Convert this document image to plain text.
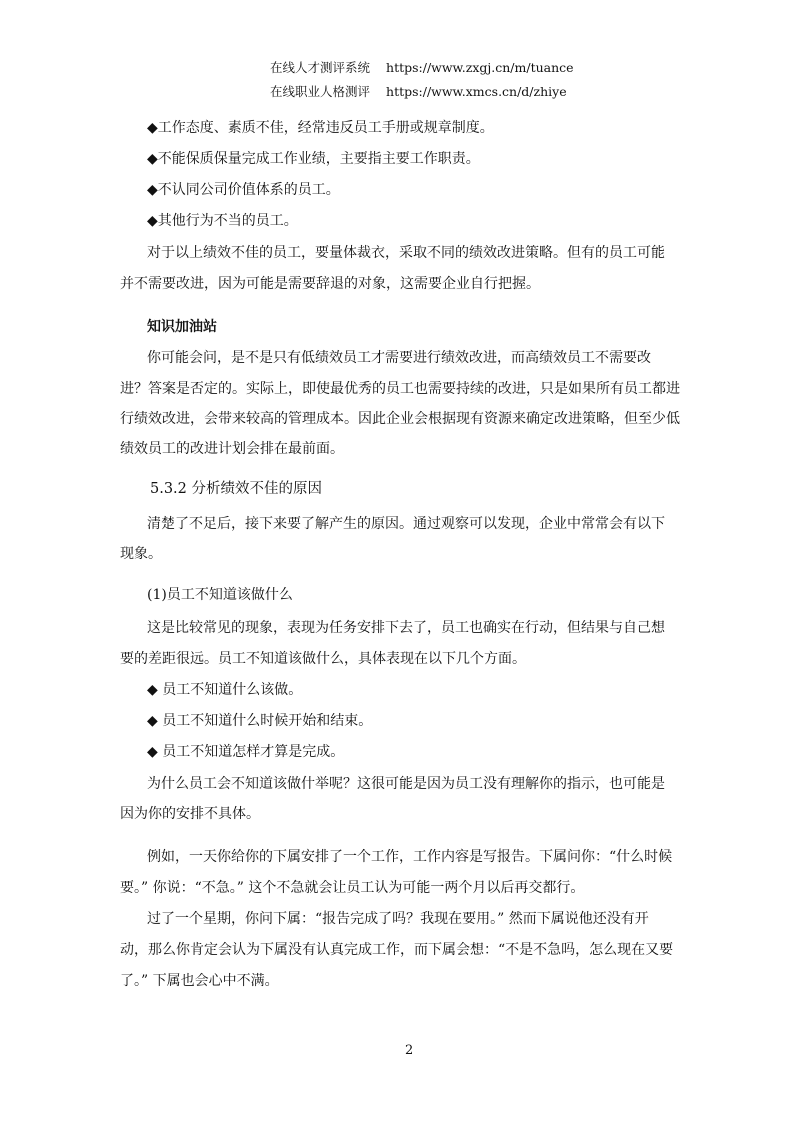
在线人才测评系统 https://www.zxgj.cn/m/tuance
在线职业人格测评 https://www.xmcs.cn/d/zhiye
◆工作态度、素质不佳，经常违反员工手册或规章制度。
◆不能保质保量完成工作业绩，主要指主要工作职责。
◆不认同公司价值体系的员工。
◆其他行为不当的员工。
对于以上绩效不佳的员工，要量体裁衣，采取不同的绩效改进策略。但有的员工可能
并不需要改进，因为可能是需要辞退的对象，这需要企业自行把握。
知识加油站
你可能会问，是不是只有低绩效员工才需要进行绩效改进，而高绩效员工不需要改
进？答案是否定的。实际上，即使最优秀的员工也需要持续的改进，只是如果所有员工都进
行绩效改进，会带来较高的管理成本。因此企业会根据现有资源来确定改进策略，但至少低
绩效员工的改进计划会排在最前面。
5.3.2 分析绩效不佳的原因
清楚了不足后，接下来要了解产生的原因。通过观察可以发现，企业中常常会有以下
现象。
(1)员工不知道该做什么
这是比较常见的现象，表现为任务安排下去了，员工也确实在行动，但结果与自己想
要的差距很远。员工不知道该做什么，具体表现在以下几个方面。
◆ 员工不知道什么该做。
◆ 员工不知道什么时候开始和结束。
◆ 员工不知道怎样才算是完成。
为什么员工会不知道该做什举呢？这很可能是因为员工没有理解你的指示，也可能是
因为你的安排不具体。
例如，一天你给你的下属安排了一个工作，工作内容是写报告。下属问你：“什么时候
要。” 你说：“不急。” 这个不急就会让员工认为可能一两个月以后再交都行。
过了一个星期，你问下属：“报告完成了吗？我现在要用。” 然而下属说他还没有开
动，那么你肯定会认为下属没有认真完成工作，而下属会想：“不是不急吗，怎么现在又要
了。” 下属也会心中不满。
2
